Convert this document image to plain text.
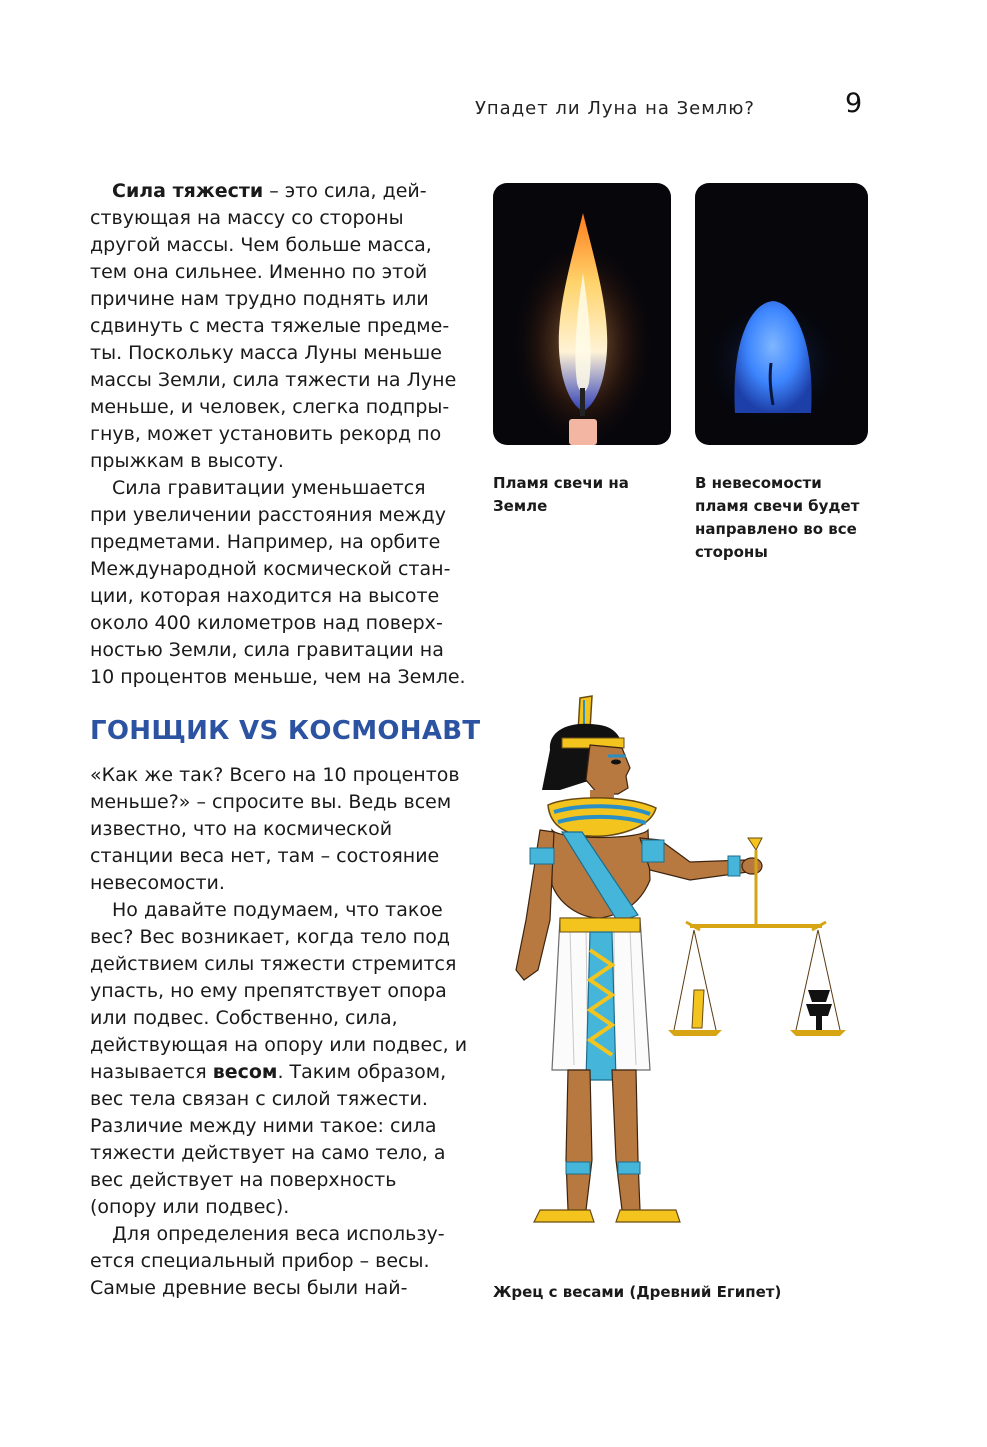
Упадет ли Луна на Землю?	9

Сила тяжести – это сила, действующая на массу со стороны другой массы. Чем больше масса, тем она сильнее. Именно по этой причине нам трудно поднять или сдвинуть с места тяжелые предметы. Поскольку масса Луны меньше массы Земли, сила тяжести на Луне меньше, и человек, слегка подпрыгнув, может установить рекорд по прыжкам в высоту.

Сила гравитации уменьшается при увеличении расстояния между предметами. Например, на орбите Международной космической станции, которая находится на высоте около 400 километров над поверхностью Земли, сила гравитации на 10 процентов меньше, чем на Земле.

ГОНЩИК VS КОСМОНАВТ

«Как же так? Всего на 10 процентов меньше?» – спросите вы. Ведь всем известно, что на космической станции веса нет, там – состояние невесомости.

Но давайте подумаем, что такое вес? Вес возникает, когда тело под действием силы тяжести стремится упасть, но ему препятствует опора или подвес. Собственно, сила, действующая на опору или подвес, и называется весом. Таким образом, вес тела связан с силой тяжести. Различие между ними такое: сила тяжести действует на само тело, а вес действует на поверхность (опору или подвес).

Для определения веса используется специальный прибор – весы. Самые древние весы были най-

Пламя свечи на Земле
В невесомости пламя свечи будет направлено во все стороны
Жрец с весами (Древний Египет)
